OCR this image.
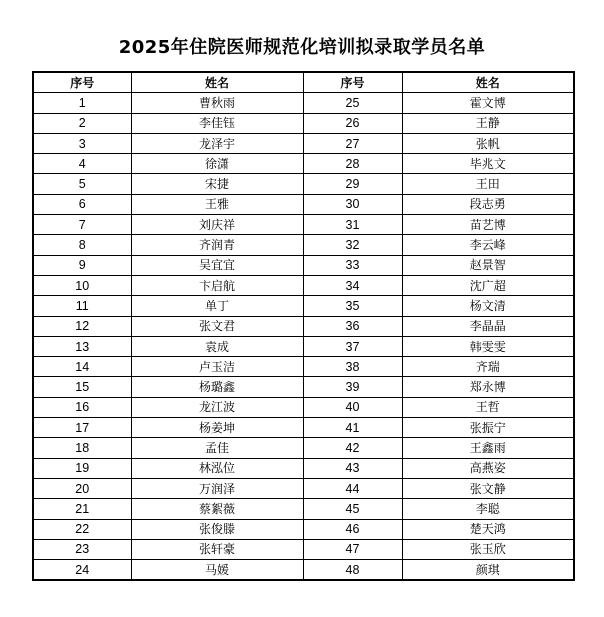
2025年住院医师规范化培训拟录取学员名单
序号	姓名	序号	姓名
1	曹秋雨	25	霍文博
2	李佳钰	26	王静
3	龙泽宇	27	张帆
4	徐潇	28	毕兆文
5	宋捷	29	王田
6	王雅	30	段志勇
7	刘庆祥	31	苗艺博
8	齐润青	32	李云峰
9	吴宜宜	33	赵景智
10	卞启航	34	沈广超
11	单丁	35	杨文清
12	张文君	36	李晶晶
13	袁成	37	韩雯雯
14	卢玉洁	38	齐瑞
15	杨璐鑫	39	郑永博
16	龙江波	40	王哲
17	杨姜坤	41	张振宁
18	孟佳	42	王鑫雨
19	林泓位	43	高燕姿
20	万润泽	44	张文静
21	蔡絮薇	45	李聪
22	张俊滕	46	楚天鸿
23	张轩豪	47	张玉欣
24	马媛	48	颜琪
